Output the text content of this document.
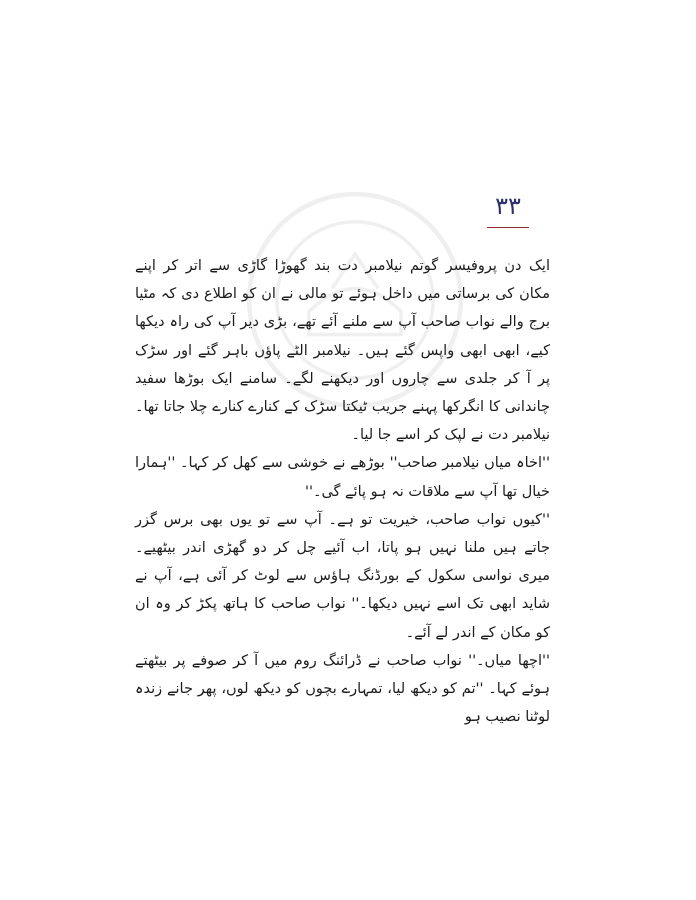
۳۳

ایک دن پروفیسر گوتم نیلامبر دت بند گھوڑا گاڑی سے اتر کر اپنے مکان کی برساتی میں داخل ہوئے تو مالی نے ان کو اطلاع دی کہ مٹیا برج والے نواب صاحب آپ سے ملنے آئے تھے، بڑی دیر آپ کی راہ دیکھا کیے، ابھی ابھی واپس گئے ہیں۔ نیلامبر الٹے پاؤں باہر گئے اور سڑک پر آ کر جلدی سے چاروں اور دیکھنے لگے۔ سامنے ایک بوڑھا سفید چاندانی کا انگرکھا پہنے جریب ٹیکتا سڑک کے کنارے کنارے چلا جاتا تھا۔ نیلامبر دت نے لپک کر اسے جا لیا۔

''اخاہ میاں نیلامبر صاحب'' بوڑھے نے خوشی سے کھل کر کہا۔ ''ہمارا خیال تھا آپ سے ملاقات نہ ہو پائے گی۔''

''کیوں نواب صاحب، خیریت تو ہے۔ آپ سے تو یوں بھی برس گزر جاتے ہیں ملنا نہیں ہو پاتا، اب آئیے چل کر دو گھڑی اندر بیٹھیے۔ میری نواسی سکول کے بورڈنگ ہاؤس سے لوٹ کر آئی ہے، آپ نے شاید ابھی تک اسے نہیں دیکھا۔'' نواب صاحب کا ہاتھ پکڑ کر وہ ان کو مکان کے اندر لے آئے۔

''اچھا میاں۔'' نواب صاحب نے ڈرائنگ روم میں آ کر صوفے پر بیٹھتے ہوئے کہا۔ ''تم کو دیکھ لیا، تمہارے بچوں کو دیکھ لوں، پھر جانے زندہ لوٹنا نصیب ہو
